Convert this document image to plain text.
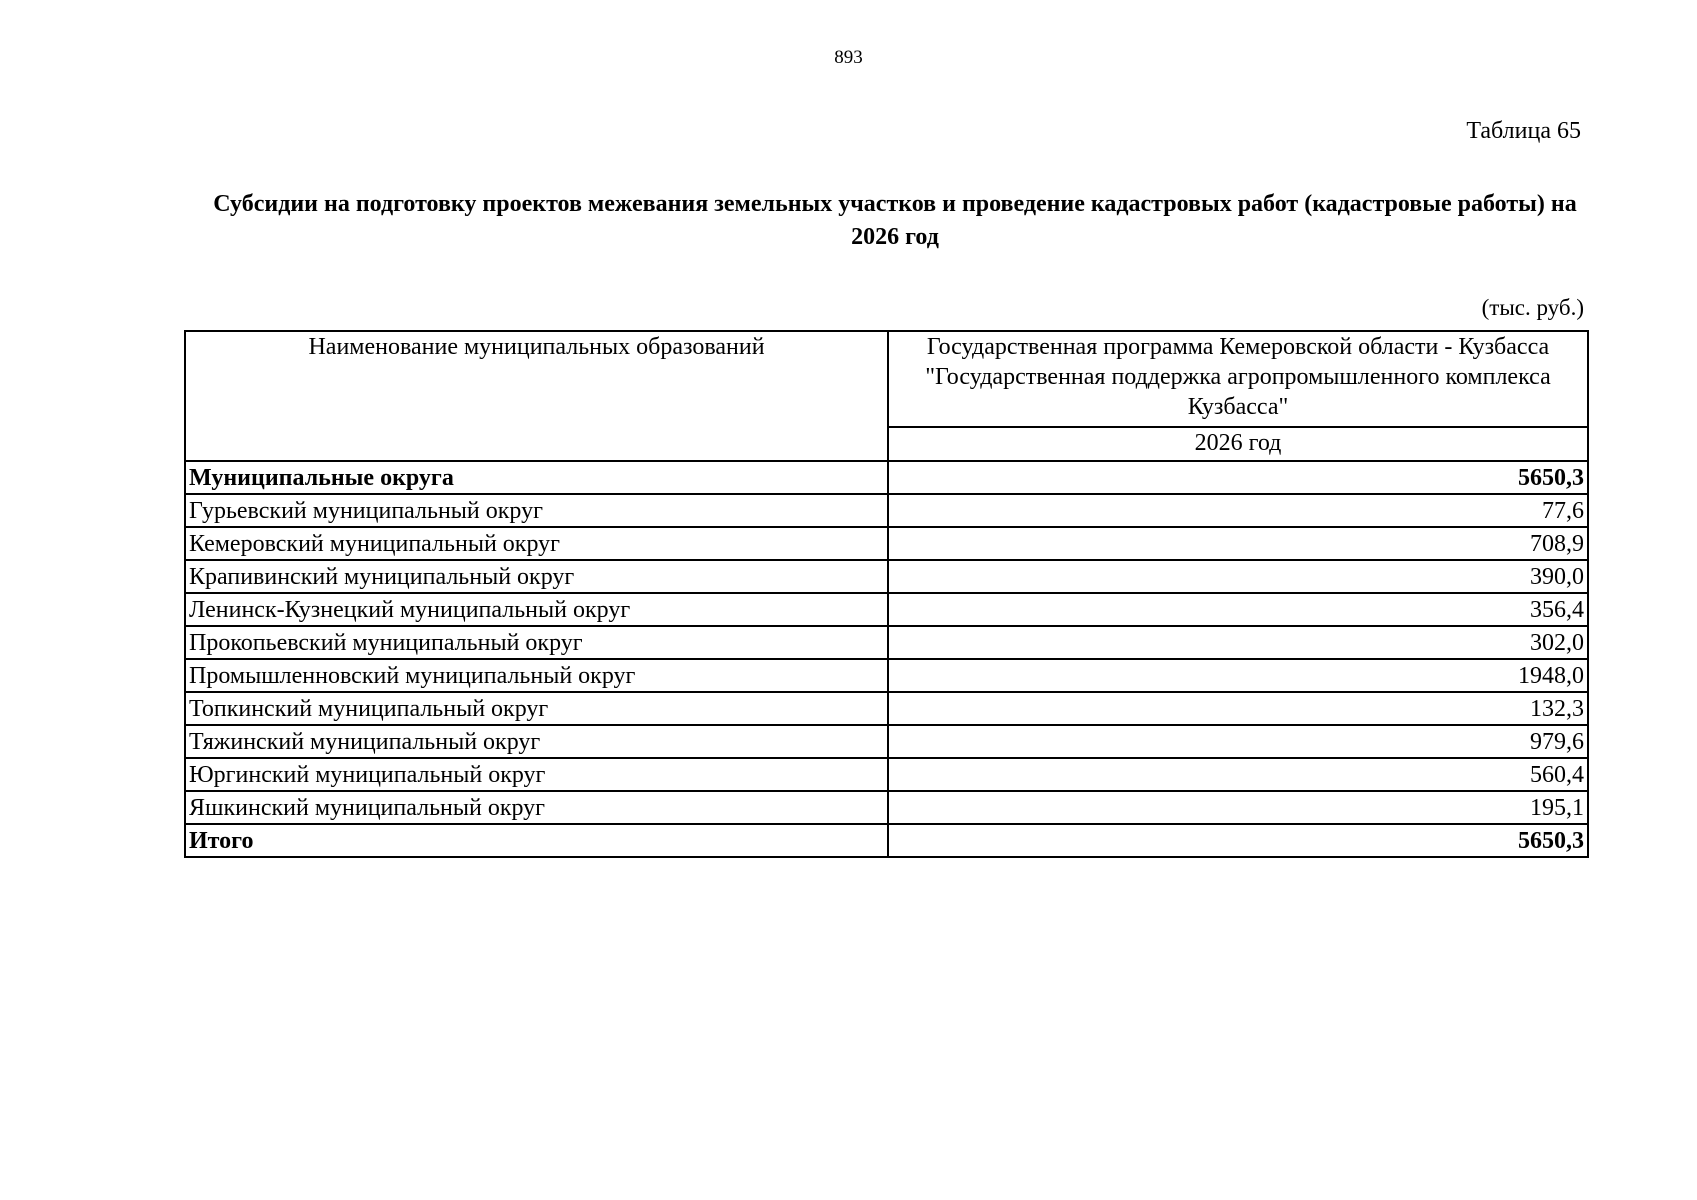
893
Таблица 65
Субсидии на подготовку проектов межевания земельных участков и проведение кадастровых работ (кадастровые работы) на 2026 год
(тыс. руб.)
Наименование муниципальных образований	Государственная программа Кемеровской области - Кузбасса "Государственная поддержка агропромышленного комплекса Кузбасса"
	2026 год
Муниципальные округа	5650,3
Гурьевский муниципальный округ	77,6
Кемеровский муниципальный округ	708,9
Крапивинский муниципальный округ	390,0
Ленинск-Кузнецкий муниципальный округ	356,4
Прокопьевский муниципальный округ	302,0
Промышленновский муниципальный округ	1948,0
Топкинский муниципальный округ	132,3
Тяжинский муниципальный округ	979,6
Юргинский муниципальный округ	560,4
Яшкинский муниципальный округ	195,1
Итого	5650,3
